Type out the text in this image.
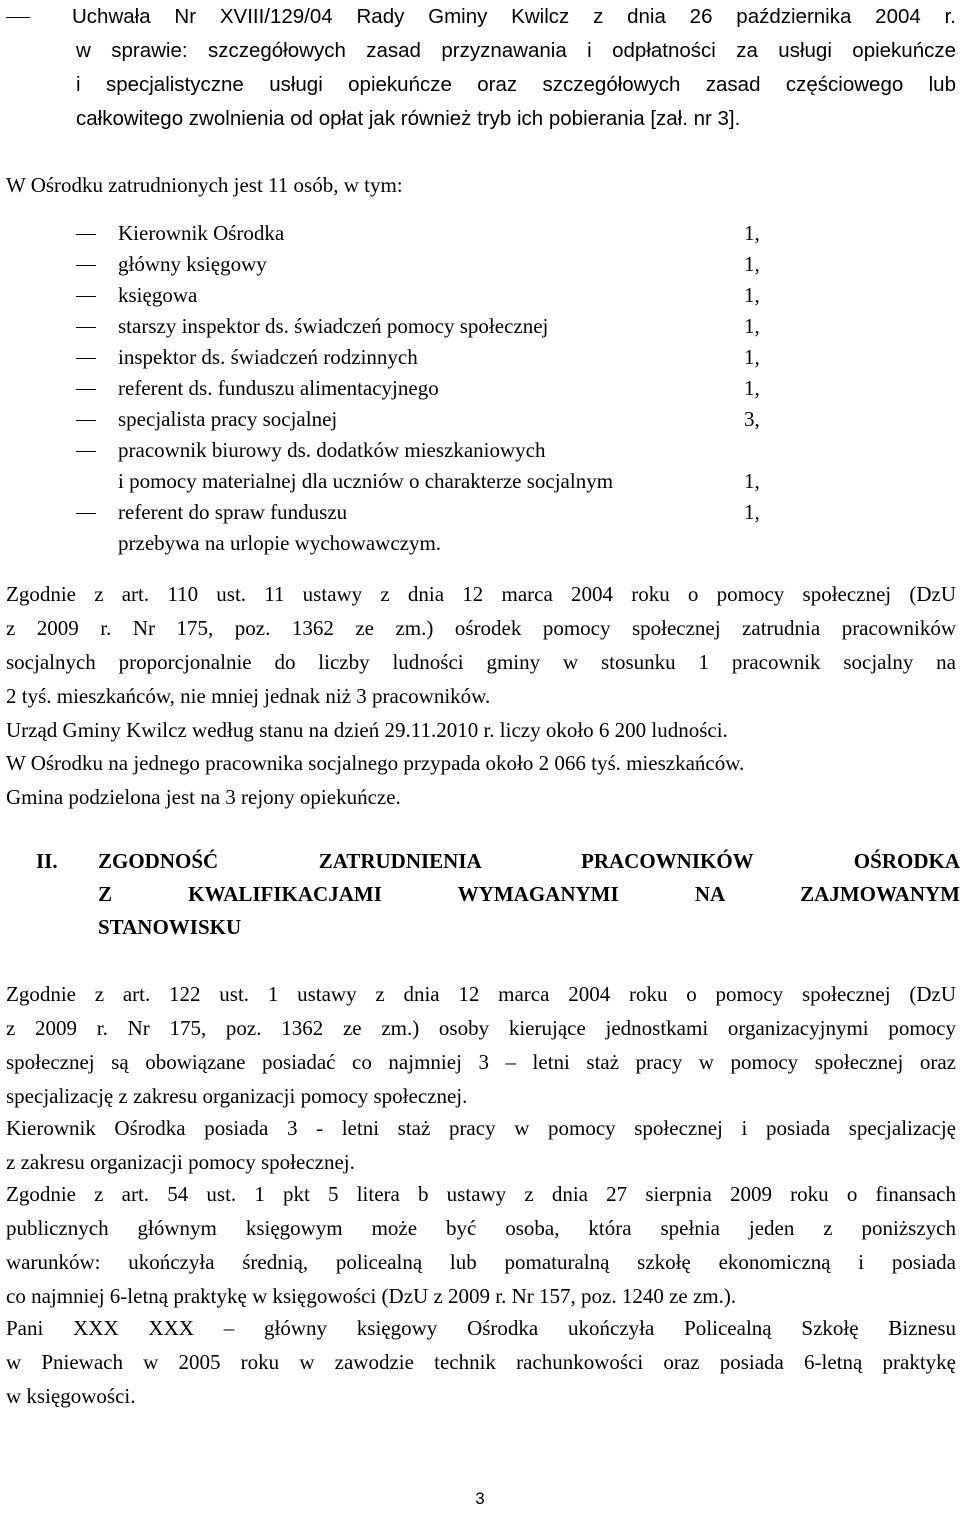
Uchwała Nr XVIII/129/04 Rady Gminy Kwilcz z dnia 26 października 2004 r.
w sprawie: szczegółowych zasad przyznawania i odpłatności za usługi opiekuńcze
i specjalistyczne usługi opiekuńcze oraz szczegółowych zasad częściowego lub
całkowitego zwolnienia od opłat jak również tryb ich pobierania [zał. nr 3].

W Ośrodku zatrudnionych jest 11 osób, w tym:

Kierownik Ośrodka	1,
główny księgowy	1,
księgowa	1,
starszy inspektor ds. świadczeń pomocy społecznej	1,
inspektor ds. świadczeń rodzinnych	1,
referent ds. funduszu alimentacyjnego	1,
specjalista pracy socjalnej	3,
pracownik biurowy ds. dodatków mieszkaniowych
i pomocy materialnej dla uczniów o charakterze socjalnym	1,
referent do spraw funduszu	1,
przebywa na urlopie wychowawczym.
Zgodnie z art. 110 ust. 11 ustawy z dnia 12 marca 2004 roku o pomocy społecznej (DzU
z 2009 r. Nr 175, poz. 1362 ze zm.) ośrodek pomocy społecznej zatrudnia pracowników
socjalnych proporcjonalnie do liczby ludności gminy w stosunku 1 pracownik socjalny na
2 tyś. mieszkańców, nie mniej jednak niż 3 pracowników.

Urząd Gminy Kwilcz według stanu na dzień 29.11.2010 r. liczy około 6 200 ludności.

W Ośrodku na jednego pracownika socjalnego przypada około 2 066 tyś. mieszkańców.

Gmina podzielona jest na 3 rejony opiekuńcze.

II. ZGODNOŚĆ ZATRUDNIENIA PRACOWNIKÓW OŚRODKA
Z KWALIFIKACJAMI WYMAGANYMI NA ZAJMOWANYM
STANOWISKU
Zgodnie z art. 122 ust. 1 ustawy z dnia 12 marca 2004 roku o pomocy społecznej (DzU
z 2009 r. Nr 175, poz. 1362 ze zm.) osoby kierujące jednostkami organizacyjnymi pomocy
społecznej są obowiązane posiadać co najmniej 3 – letni staż pracy w pomocy społecznej oraz
specjalizację z zakresu organizacji pomocy społecznej.
Kierownik Ośrodka posiada 3 - letni staż pracy w pomocy społecznej i posiada specjalizację
z zakresu organizacji pomocy społecznej.
Zgodnie z art. 54 ust. 1 pkt 5 litera b ustawy z dnia 27 sierpnia 2009 roku o finansach
publicznych głównym księgowym może być osoba, która spełnia jeden z poniższych
warunków: ukończyła średnią, policealną lub pomaturalną szkołę ekonomiczną i posiada
co najmniej 6-letną praktykę w księgowości (DzU z 2009 r. Nr 157, poz. 1240 ze zm.).
Pani XXX XXX – główny księgowy Ośrodka ukończyła Policealną Szkołę Biznesu
w Pniewach w 2005 roku w zawodzie technik rachunkowości oraz posiada 6-letną praktykę
w księgowości.
3
